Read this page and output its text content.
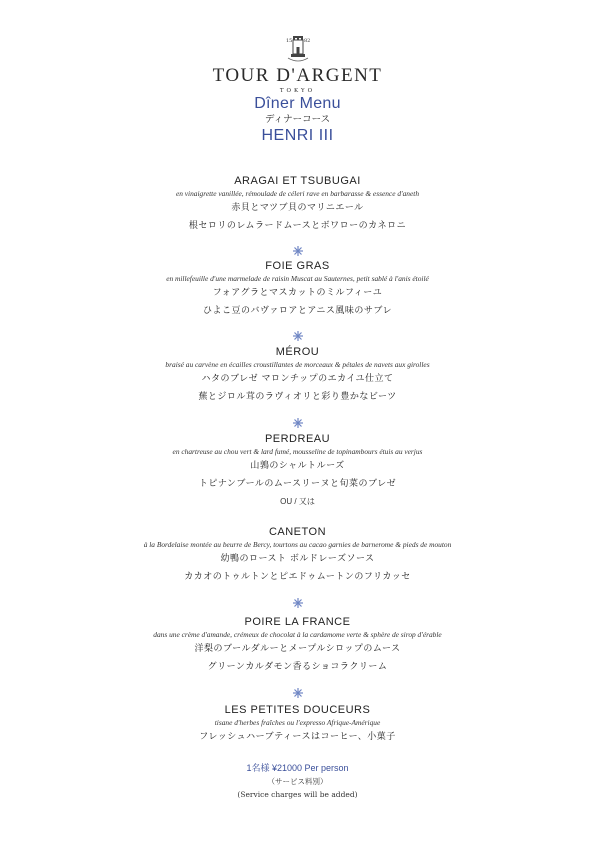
15 82
TOUR D'ARGENT
TOKYO
Dîner Menu
ディナーコース
HENRI III
ARAGAI ET TSUBUGAI
en vinaigrette vanillée, rémoulade de céleri rave en barbarasse & essence d'aneth
赤貝とマツブ貝のマリニエール
根セロリのレムラードムースとボワローのカネロニ
FOIE GRAS
en millefeuille d'une marmelade de raisin Muscat au Sauternes, petit sablé à l'anis étoilé
フォアグラとマスカットのミルフィーユ
ひよこ豆のバヴァロアとアニス風味のサブレ
MÉROU
braisé au carvène en écailles croustillantes de morceaux & pétales de navets aux girolles
ハタのブレゼ マロンチップのエカイユ仕立て
蕪とジロル茸のラヴィオリと彩り豊かなビーツ
PERDREAU
en chartreuse au chou vert & lard fumé, mousseline de topinambours étuis au verjus
山鶉のシャルトルーズ
トピナンブールのムースリーヌと旬菜のブレゼ
OU / 又は
CANETON
à la Bordelaise montée au beurre de Bercy, tourtons au cacao garnies de barnerome & pieds de mouton
幼鴨のロースト ボルドレーズソース
カカオのトゥルトンとピエドゥムートンのフリカッセ
POIRE LA FRANCE
dans une crème d'amande, crémeux de chocolat à la cardamome verte & sphère de sirop d'érable
洋梨のブールダルーとメープルシロップのムース
グリーンカルダモン香るショコラクリーム
LES PETITES DOUCEURS
tisane d'herbes fraîches ou l'expresso Afrique-Amérique
フレッシュハーブティースはコーヒー、小菓子
1名様 ¥21000 Per person
（サービス料別）
(Service charges will be added)
